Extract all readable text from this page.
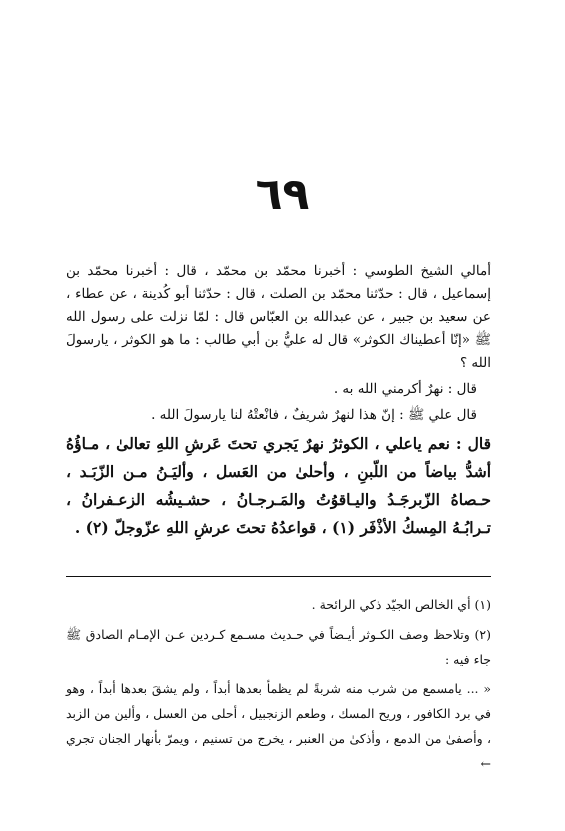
٦٩

أمالي الشيخ الطوسي : أخبرنا محمّد بن محمّد ، قال : أخبرنا محمّد بن إسماعيل ، قال : حدّثنا محمّد بن الصلت ، قال : حدّثنا أبو كُدينة ، عن عطاء ، عن سعيد بن جبير ، عن عبدالله بن العبّاس قال : لمّا نزلت على رسول الله ﷺ «إنّا أعطيناك الكوثر» قال له عليُّ بن أبي طالب : ما هو الكوثر ، يارسولَ الله ؟

قال : نهرٌ أكرمني الله به .

قال علي ﷺ : إنّ هذا لنهرٌ شريفٌ ، فانْعتْهُ لنا يارسولَ الله .

قال : نعم ياعلي ، الكوثرُ نهرٌ يَجري تحتَ عَرشِ اللهِ تعالىٰ ، مـاؤُهُ أشدُّ بياضاً من اللّبنِ ، وأحلىٰ من العَسل ، وأليَـنُ مـن الزّبَـد ، حـصاهُ الزّبرجَـدُ واليـاقوُتُ والمَـرجـانُ ، حشـيشُه الزعـفرانُ ، تـرابُـهُ المِسكُ الأذْفَر (١) ، قواعدُهُ تحتَ عرشِ اللهِ عزّوجلّ (٢) .

(١) أي الخالص الجيّد ذكي الرائحة .

(٢) وتلاحظ وصف الكـوثر أيـضاً في حـديث مسـمع كـردين عـن الإمـام الصادق ﷺ جاء فيه :

« ... يامسمع من شرب منه شربةً لم يظمأ بعدها أبداً ، ولم يشقَ بعدها أبداً ، وهو في برد الكافور ، وريح المسك ، وطعم الزنجبيل ، أحلى من العسل ، وألين من الزبد ، وأصفىٰ من الدمع ، وأذكىٰ من العنبر ، يخرج من تسنيم ، ويمرّ بأنهار الجنان تجري ←
